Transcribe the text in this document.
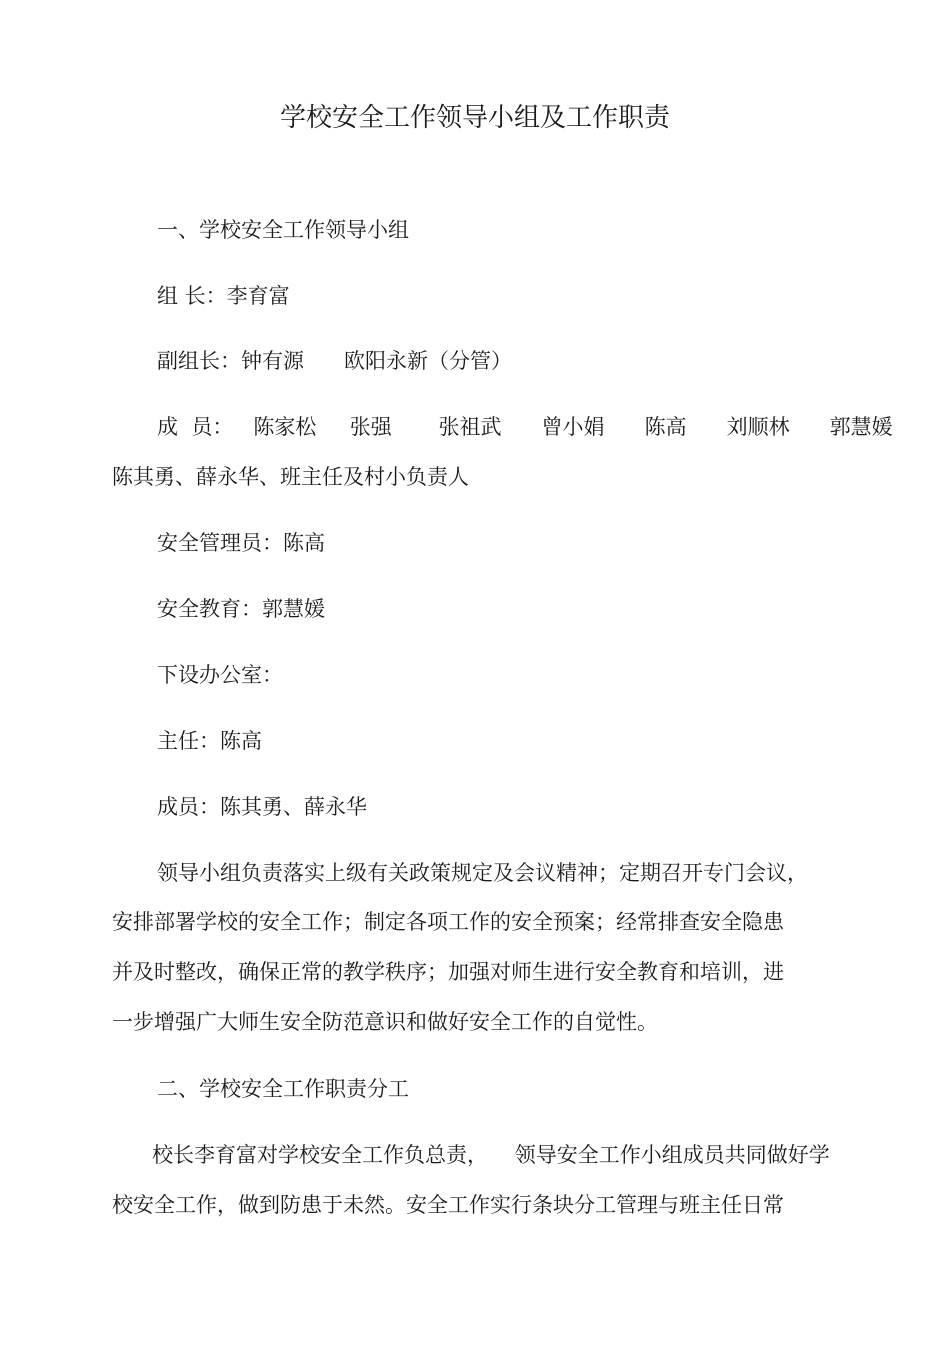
学校安全工作领导小组及工作职责
一、学校安全工作领导小组
组 长：李育富
副组长：钟有源      欧阳永新（分管）
成  员：   陈家松     张强       张祖武      曾小娟      陈高      刘顺林      郭慧媛
陈其勇、薛永华、班主任及村小负责人
安全管理员：陈高
安全教育：郭慧媛
下设办公室：
主任：陈高
成员：陈其勇、薛永华
领导小组负责落实上级有关政策规定及会议精神；定期召开专门会议，
安排部署学校的安全工作；制定各项工作的安全预案；经常排查安全隐患
并及时整改，确保正常的教学秩序；加强对师生进行安全教育和培训，进
一步增强广大师生安全防范意识和做好安全工作的自觉性。
二、学校安全工作职责分工
校长李育富对学校安全工作负总责，    领导安全工作小组成员共同做好学
校安全工作，做到防患于未然。安全工作实行条块分工管理与班主任日常
